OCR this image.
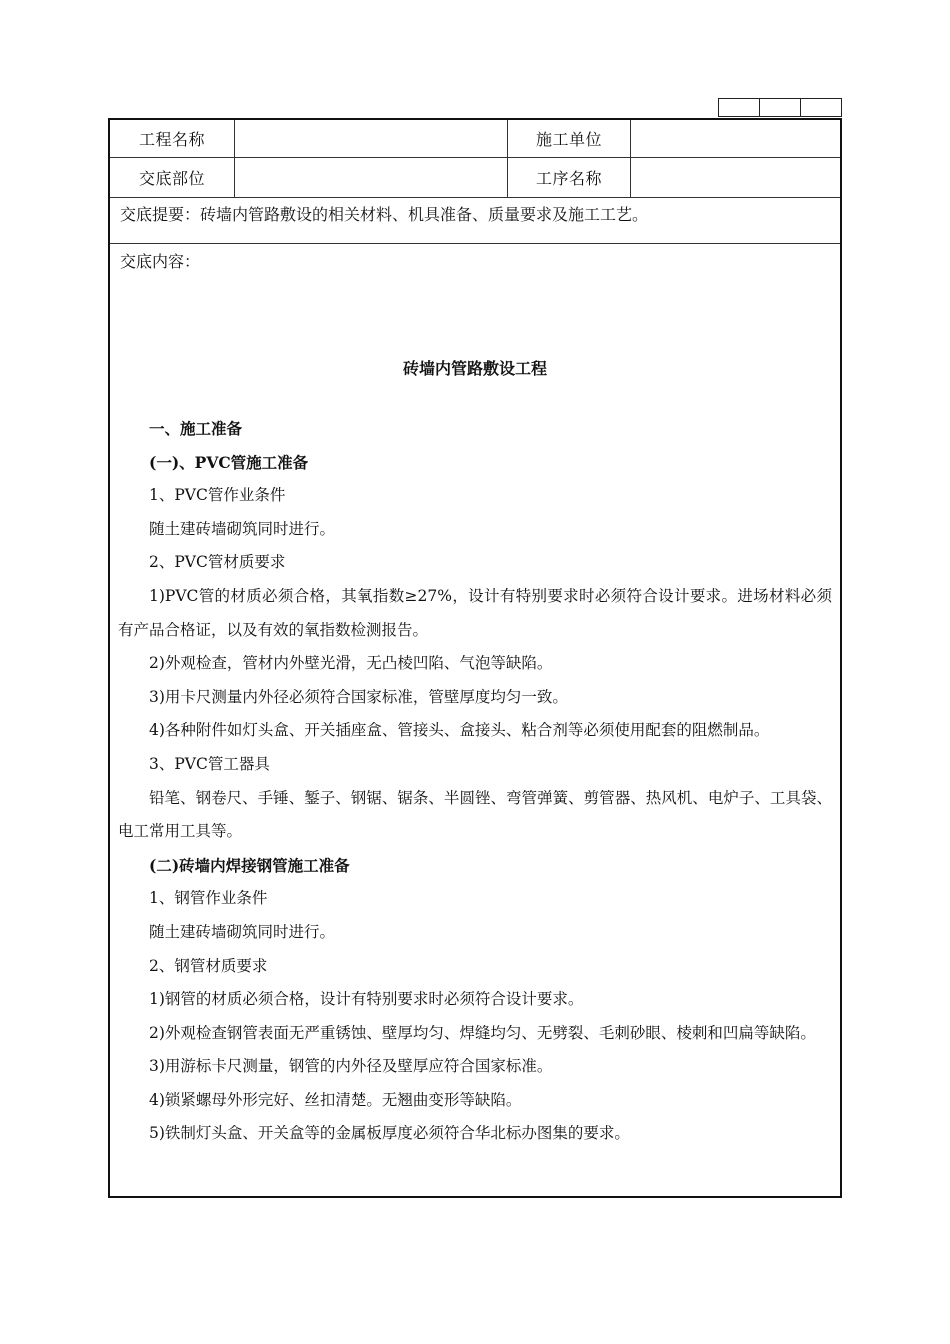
工程名称	施工单位
交底部位	工序名称
交底提要：砖墙内管路敷设的相关材料、机具准备、质量要求及施工工艺。
交底内容：
砖墙内管路敷设工程

一、施工准备

(一)、PVC管施工准备

1、PVC管作业条件

随土建砖墙砌筑同时进行。

2、PVC管材质要求

1)PVC管的材质必须合格，其氧指数≥27%，设计有特别要求时必须符合设计要求。进场材料必须有产品合格证，以及有效的氧指数检测报告。

2)外观检查，管材内外壁光滑，无凸棱凹陷、气泡等缺陷。

3)用卡尺测量内外径必须符合国家标准，管壁厚度均匀一致。

4)各种附件如灯头盒、开关插座盒、管接头、盒接头、粘合剂等必须使用配套的阻燃制品。

3、PVC管工器具

铅笔、钢卷尺、手锤、錾子、钢锯、锯条、半圆锉、弯管弹簧、剪管器、热风机、电炉子、工具袋、电工常用工具等。

(二)砖墙内焊接钢管施工准备

1、钢管作业条件

随土建砖墙砌筑同时进行。

2、钢管材质要求

1)钢管的材质必须合格，设计有特别要求时必须符合设计要求。

2)外观检查钢管表面无严重锈蚀、壁厚均匀、焊缝均匀、无劈裂、毛刺砂眼、棱刺和凹扁等缺陷。

3)用游标卡尺测量，钢管的内外径及壁厚应符合国家标准。

4)锁紧螺母外形完好、丝扣清楚。无翘曲变形等缺陷。

5)铁制灯头盒、开关盒等的金属板厚度必须符合华北标办图集的要求。
